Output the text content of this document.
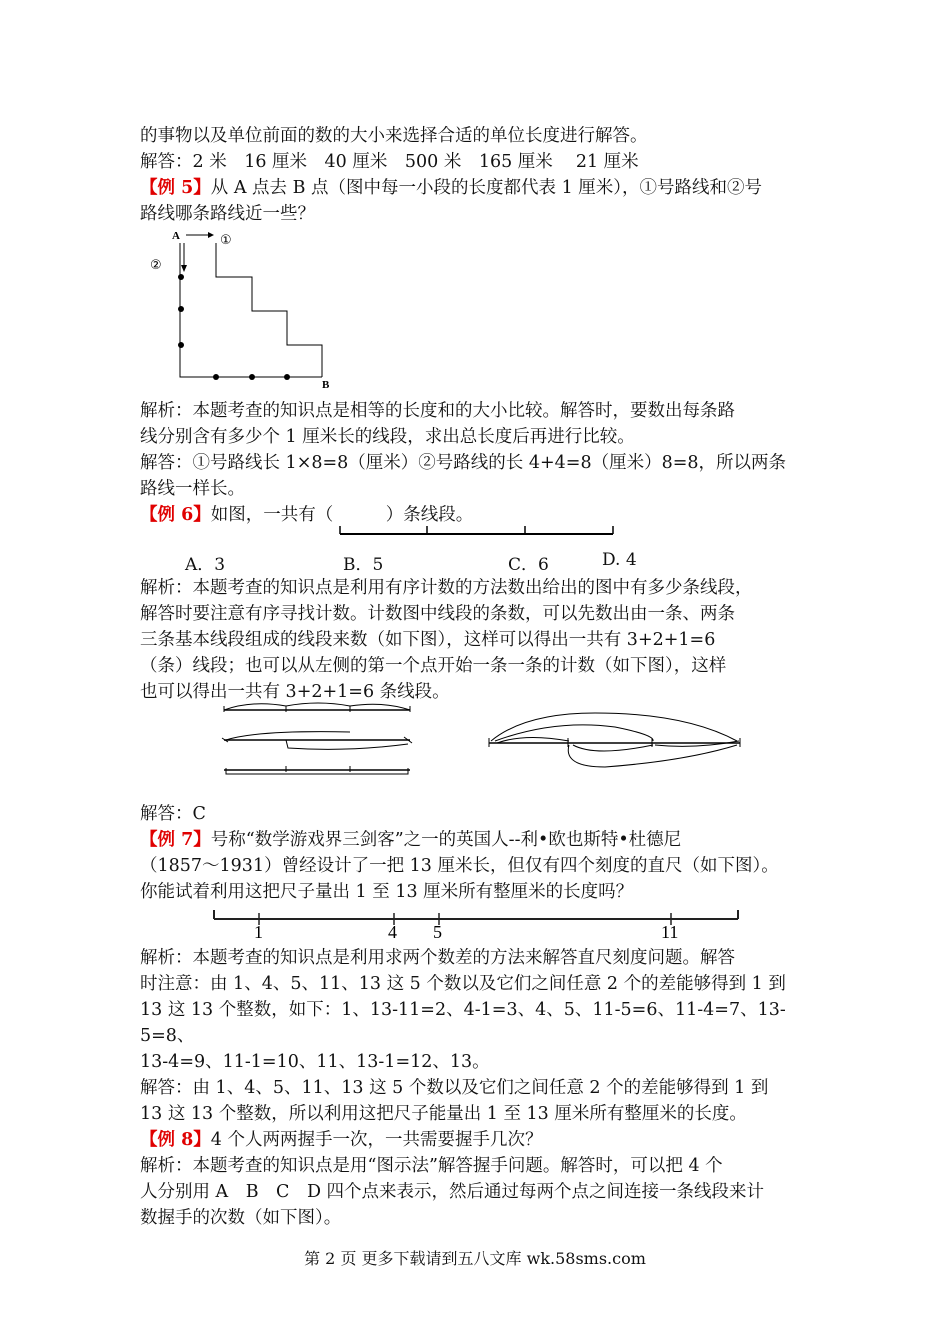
的事物以及单位前面的数的大小来选择合适的单位长度进行解答。
解答：2 米　16 厘米　40 厘米　500 米　165 厘米　 21 厘米
【例 5】从 A 点去 B 点（图中每一小段的长度都代表 1 厘米），①号路线和②号
路线哪条路线近一些？
A	①
②
B
解析：本题考查的知识点是相等的长度和的大小比较。解答时，要数出每条路
线分别含有多少个 1 厘米长的线段，求出总长度后再进行比较。
解答：①号路线长 1×8=8（厘米）②号路线的长 4+4=8（厘米）8=8，所以两条
路线一样长。
【例 6】如图，一共有（　　　）条线段。
A．3	B．5	C．6	D. 4
解析：本题考查的知识点是利用有序计数的方法数出给出的图中有多少条线段，
解答时要注意有序寻找计数。计数图中线段的条数，可以先数出由一条、两条
三条基本线段组成的线段来数（如下图），这样可以得出一共有 3+2+1=6
（条）线段；也可以从左侧的第一个点开始一条一条的计数（如下图），这样
也可以得出一共有 3+2+1=6 条线段。
解答：C
【例 7】号称“数学游戏界三剑客”之一的英国人--利•欧也斯特•杜德尼
（1857～1931）曾经设计了一把 13 厘米长，但仅有四个刻度的直尺（如下图）。
你能试着利用这把尺子量出 1 至 13 厘米所有整厘米的长度吗？
1	4 5	11
解析：本题考查的知识点是利用求两个数差的方法来解答直尺刻度问题。解答
时注意：由 1、4、5、11、13 这 5 个数以及它们之间任意 2 个的差能够得到 1 到
13 这 13 个整数，如下：1、13-11=2、4-1=3、4、5、11-5=6、11-4=7、13-
5=8、
13-4=9、11-1=10、11、13-1=12、13。
解答：由 1、4、5、11、13 这 5 个数以及它们之间任意 2 个的差能够得到 1 到
13 这 13 个整数，所以利用这把尺子能量出 1 至 13 厘米所有整厘米的长度。
【例 8】4 个人两两握手一次，一共需要握手几次？
解析：本题考查的知识点是用“图示法”解答握手问题。解答时，可以把 4 个
人分别用 A　B　C　D 四个点来表示，然后通过每两个点之间连接一条线段来计
数握手的次数（如下图）。
第 2 页 更多下载请到五八文库 wk.58sms.com
